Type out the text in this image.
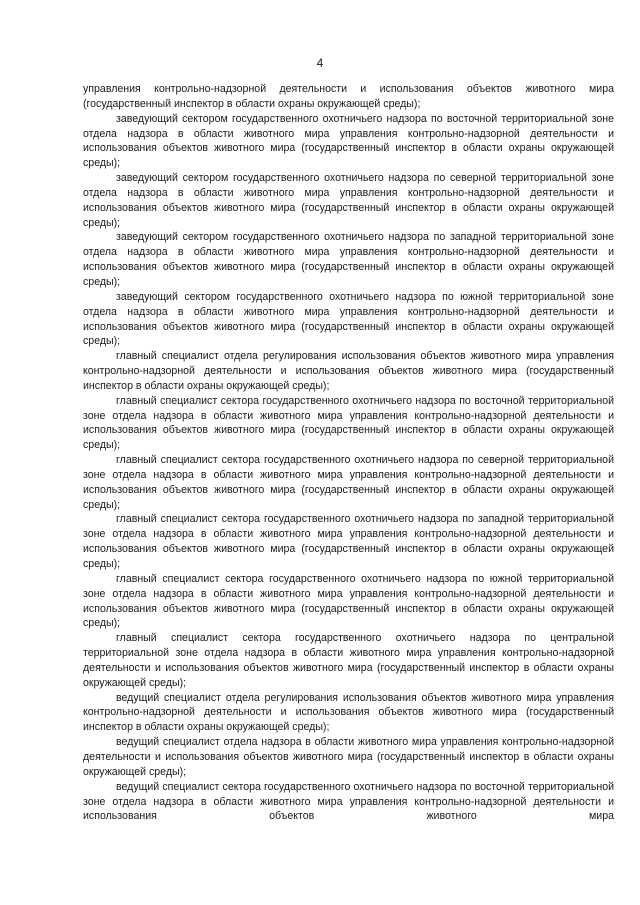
4

управления контрольно-надзорной деятельности и использования объектов животного мира (государственный инспектор в области охраны окружающей среды);

заведующий сектором государственного охотничьего надзора по восточной территориальной зоне отдела надзора в области животного мира управления контрольно-надзорной деятельности и использования объектов животного мира (государственный инспектор в области охраны окружающей среды);

заведующий сектором государственного охотничьего надзора по северной территориальной зоне отдела надзора в области животного мира управления контрольно-надзорной деятельности и использования объектов животного мира (государственный инспектор в области охраны окружающей среды);

заведующий сектором государственного охотничьего надзора по западной территориальной зоне отдела надзора в области животного мира управления контрольно-надзорной деятельности и использования объектов животного мира (государственный инспектор в области охраны окружающей среды);

заведующий сектором государственного охотничьего надзора по южной территориальной зоне отдела надзора в области животного мира управления контрольно-надзорной деятельности и использования объектов животного мира (государственный инспектор в области охраны окружающей среды);

главный специалист отдела регулирования использования объектов животного мира управления контрольно-надзорной деятельности и использования объектов животного мира (государственный инспектор в области охраны окружающей среды);

главный специалист сектора государственного охотничьего надзора по восточной территориальной зоне отдела надзора в области животного мира управления контрольно-надзорной деятельности и использования объектов животного мира (государственный инспектор в области охраны окружающей среды);

главный специалист сектора государственного охотничьего надзора по северной территориальной зоне отдела надзора в области животного мира управления контрольно-надзорной деятельности и использования объектов животного мира (государственный инспектор в области охраны окружающей среды);

главный специалист сектора государственного охотничьего надзора по западной территориальной зоне отдела надзора в области животного мира управления контрольно-надзорной деятельности и использования объектов животного мира (государственный инспектор в области охраны окружающей среды);

главный специалист сектора государственного охотничьего надзора по южной территориальной зоне отдела надзора в области животного мира управления контрольно-надзорной деятельности и использования объектов животного мира (государственный инспектор в области охраны окружающей среды);

главный специалист сектора государственного охотничьего надзора по центральной территориальной зоне отдела надзора в области животного мира управления контрольно-надзорной деятельности и использования объектов животного мира (государственный инспектор в области охраны окружающей среды);

ведущий специалист отдела регулирования использования объектов животного мира управления контрольно-надзорной деятельности и использования объектов животного мира (государственный инспектор в области охраны окружающей среды);

ведущий специалист отдела надзора в области животного мира управления контрольно-надзорной деятельности и использования объектов животного мира (государственный инспектор в области охраны окружающей среды);

ведущий специалист сектора государственного охотничьего надзора по восточной территориальной зоне отдела надзора в области животного мира управления контрольно-надзорной деятельности и использования объектов животного мира
